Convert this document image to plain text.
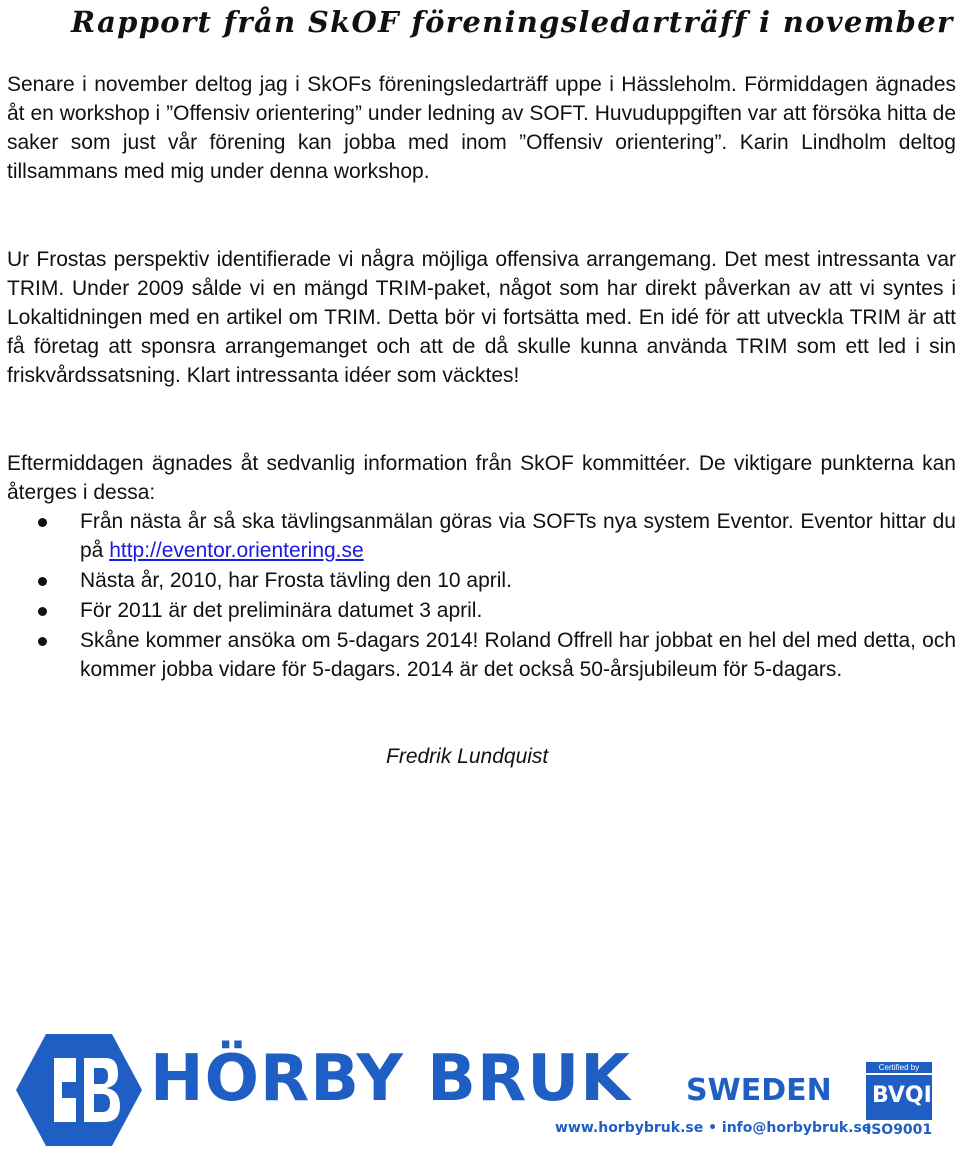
Rapport från SkOF föreningsledarträff i november

Senare i november deltog jag i SkOFs föreningsledarträff uppe i Hässleholm. Förmiddagen ägnades åt en workshop i ”Offensiv orientering” under ledning av SOFT. Huvuduppgiften var att försöka hitta de saker som just vår förening kan jobba med inom ”Offensiv orientering”. Karin Lindholm deltog tillsammans med mig under denna workshop.

Ur Frostas perspektiv identifierade vi några möjliga offensiva arrangemang. Det mest intressanta var TRIM. Under 2009 sålde vi en mängd TRIM-paket, något som har direkt påverkan av att vi syntes i Lokaltidningen med en artikel om TRIM. Detta bör vi fortsätta med. En idé för att utveckla TRIM är att få företag att sponsra arrangemanget och att de då skulle kunna använda TRIM som ett led i sin friskvårdssatsning. Klart intressanta idéer som väcktes!

Eftermiddagen ägnades åt sedvanlig information från SkOF kommittéer. De viktigare punkterna kan återges i dessa:

Från nästa år så ska tävlingsanmälan göras via SOFTs nya system Eventor. Eventor hittar du på http://eventor.orientering.se
Nästa år, 2010, har Frosta tävling den 10 april.
För 2011 är det preliminära datumet 3 april.
Skåne kommer ansöka om 5-dagars 2014! Roland Offrell har jobbat en hel del med detta, och kommer jobba vidare för 5-dagars. 2014 är det också 50-årsjubileum för 5-dagars.
Fredrik Lundquist
HÖRBY BRUK SWEDEN
www.horbybruk.se • info@horbybruk.se
Certified by
BVQI
ISO9001
